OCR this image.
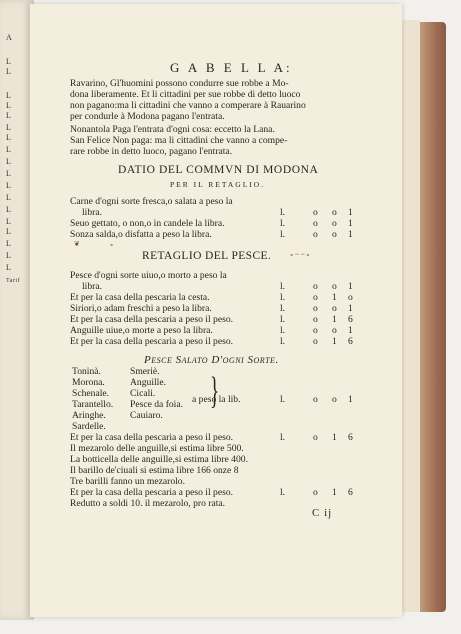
A
L
L
L
L
L
L
L
L
L
L
L
L
L
L
L
L
L
L
Tarif
G A B E L L A:
Ravarino, Gl'huomini possono condurre sue robbe a Mo-
dona liberamente. Et li cittadini per sue robbe di detto luoco
non pagano:ma li cittadini che vanno a comperare à Rauarino
per condurle à Modona pagano l'entrata.
Nonantola Paga l'entrata d'ogni cosa: eccetto la Lana.
San Felice Non paga: ma li cittadini che vanno a compe-
rare robbe in detto luoco, pagano l'entrata.
DATIO DEL COMMVN DI MODONA
PER IL RETAGLIO.
Carne d'ogni sorte fresca,o salata a peso la
libra.	l.	o o 1
Seuo gettato, o non,o in candele la libra.	l.	o o 1
Sonza salda,o disfatta a peso la libra.	l.	o o 1
❦	∘
∘ ~ ~ ∘
RETAGLIO DEL PESCE.
Pesce d'ogni sorte uiuo,o morto a peso la
libra.	l.	o o 1
Et per la casa della pescaria la cesta.	l.	o 1 o
Siriori,o adam freschi a peso la libra.	l.	o o 1
Et per la casa della pescaria a peso il peso.	l.	o 1 6
Anguille uiue,o morte a peso la libra.	l.	o o 1
Et per la casa della pescaria a peso il peso.	l.	o 1 6
Pesce Salato D'ogni Sorte.
Toninà.
Morona.
Schenale.
Tarantello.
Aringhe.
Sardelle.
Smeriè.
Anguille.
Cicali.
Pesce da foia.
Cauiaro.
}
a peso la lib.	l.	o o 1
Et per la casa della pescaria a peso il peso.	l.	o 1 6
Il mezarolo delle anguille,si estima libre 500.
La botticella delle anguille,si estima libre 400.
Il barillo de'ciuali si estima libre 166 onze 8
Tre barilli fanno un mezarolo.
Et per la casa della pescaria a peso il peso.	l.	o 1 6
Redutto a soldi 10. il mezarolo, pro rata.
C ij
